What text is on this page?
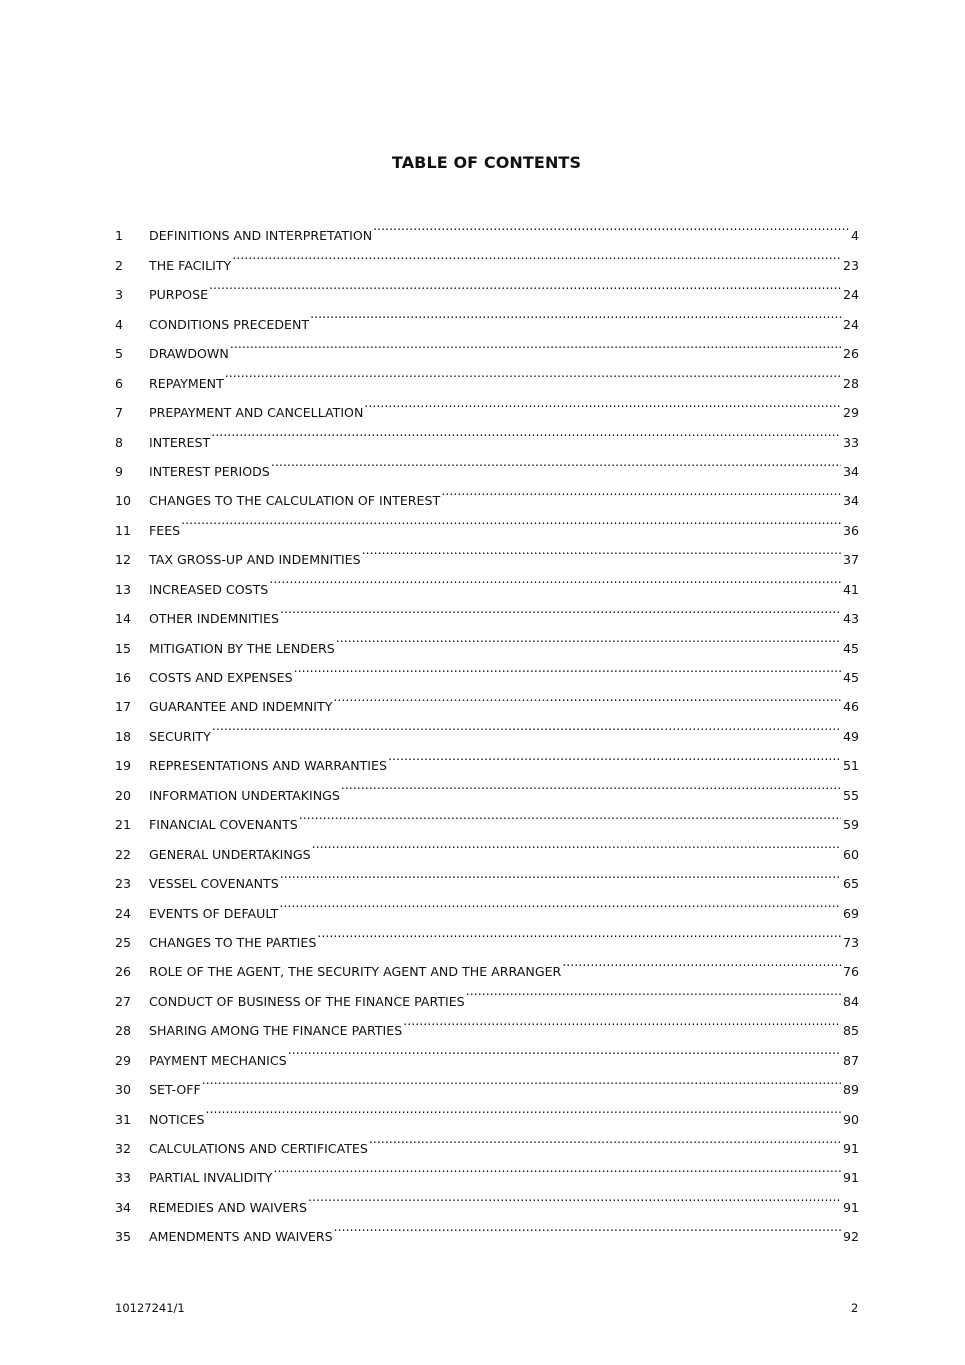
TABLE OF CONTENTS
1	DEFINITIONS AND INTERPRETATION .....	4
2	THE FACILITY .....	23
3	PURPOSE .....	24
4	CONDITIONS PRECEDENT .....	24
5	DRAWDOWN .....	26
6	REPAYMENT .....	28
7	PREPAYMENT AND CANCELLATION .....	29
8	INTEREST .....	33
9	INTEREST PERIODS .....	34
10	CHANGES TO THE CALCULATION OF INTEREST .....	34
11	FEES .....	36
12	TAX GROSS-UP AND INDEMNITIES .....	37
13	INCREASED COSTS .....	41
14	OTHER INDEMNITIES .....	43
15	MITIGATION BY THE LENDERS .....	45
16	COSTS AND EXPENSES .....	45
17	GUARANTEE AND INDEMNITY .....	46
18	SECURITY .....	49
19	REPRESENTATIONS AND WARRANTIES .....	51
20	INFORMATION UNDERTAKINGS .....	55
21	FINANCIAL COVENANTS .....	59
22	GENERAL UNDERTAKINGS .....	60
23	VESSEL COVENANTS .....	65
24	EVENTS OF DEFAULT .....	69
25	CHANGES TO THE PARTIES .....	73
26	ROLE OF THE AGENT, THE SECURITY AGENT AND THE ARRANGER .....	76
27	CONDUCT OF BUSINESS OF THE FINANCE PARTIES .....	84
28	SHARING AMONG THE FINANCE PARTIES .....	85
29	PAYMENT MECHANICS .....	87
30	SET-OFF .....	89
31	NOTICES .....	90
32	CALCULATIONS AND CERTIFICATES .....	91
33	PARTIAL INVALIDITY .....	91
34	REMEDIES AND WAIVERS .....	91
35	AMENDMENTS AND WAIVERS .....	92
10127241/1	2
